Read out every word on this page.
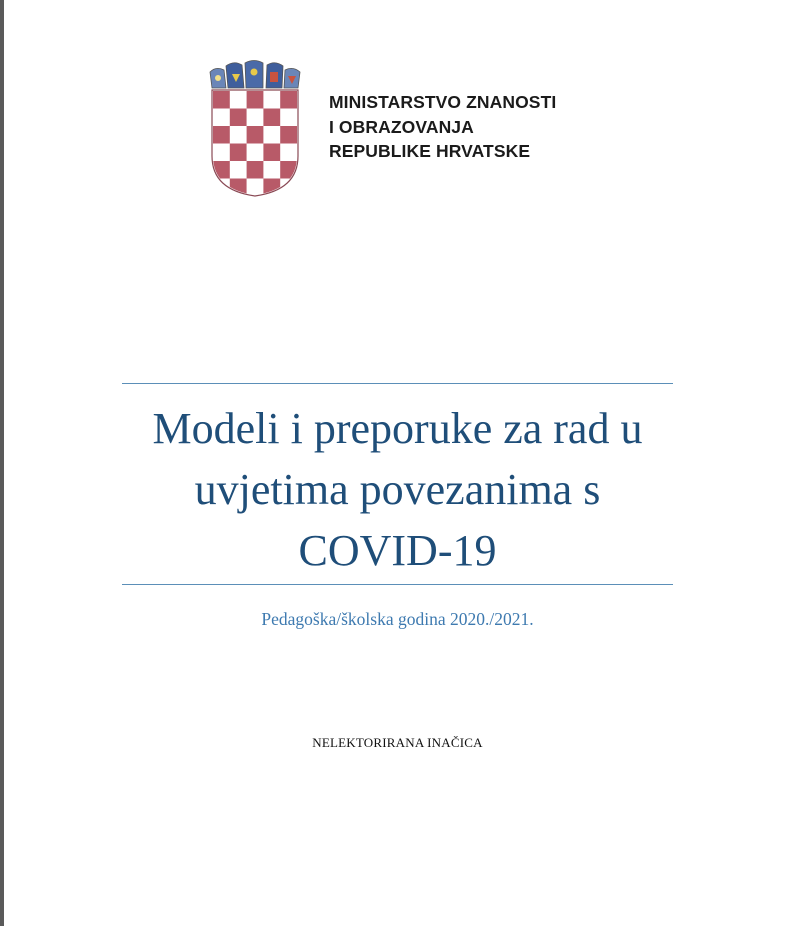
MINISTARSTVO ZNANOSTI
I OBRAZOVANJA
REPUBLIKE HRVATSKE
Modeli i preporuke za rad u
uvjetima povezanima s
COVID-19
Pedagoška/školska godina 2020./2021.
NELEKTORIRANA INAČICA
